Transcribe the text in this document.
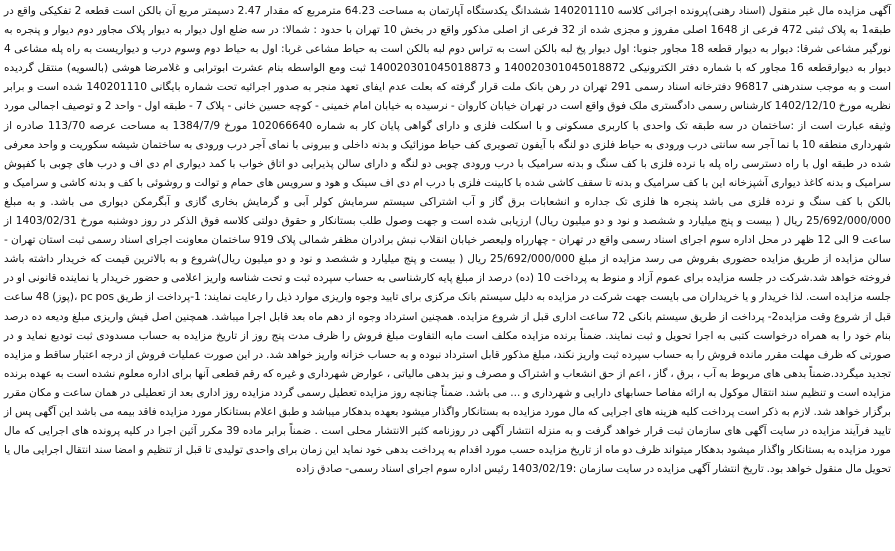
آگهی مزایده مال غیر منقول (اسناد رهنی)پرونده اجرائی کلاسه 140201110 ششدانگ یکدستگاه آپارتمان به مساحت 64.23 مترمربع که مقدار 2.47 دسیمتر مربع آن بالکن است قطعه 2 تفکیکی واقع در طبقه1 به پلاک ثبتی 472 فرعی از 1648 اصلی مفروز و مجزی شده از 32 فرعی از اصلی مذکور واقع در بخش 10 تهران با حدود : شمالا: در سه ضلع اول دیوار به دیوار پلاک مجاور دوم دیوار و پنجره به نورگیر مشاعی شرقا: دیوار به دیوار قطعه 18 مجاور جنوبا: اول دیوار پخ لبه بالکن است به تراس دوم لبه بالکن است به حیاط مشاعی غربا: اول به حیاط دوم وسوم درب و دیواریست به راه پله مشاعی 4 دیوار به دیوارقطعه 16 مجاور که با شماره دفتر الکترونیکی 140020301045018872 و 140020301045018873 ثبت ومع الواسطه بنام عشرت ابوترابی و غلامرضا هوشی (بالسویه) منتقل گردیده است و به موجب سندرهنی 96817 دفترخانه اسناد رسمی 291 تهران در رهن بانک ملت قرار گرفته که بعلت عدم ایفای تعهد منجر به صدور اجرائیه تحت شماره بایگانی 140201110 شده است و برابر نظریه مورخ 1402/12/10 کارشناس رسمی دادگستری ملک فوق واقع است در تهران خیابان کاروان - نرسیده به خیابان امام خمینی - کوچه حسین خانی - پلاک 7 - طبقه اول - واحد 2 و توصیف اجمالی مورد وثیقه عبارت است از :ساختمان در سه طبقه تک واحدی با کاربری مسکونی و با اسکلت فلزی و دارای گواهی پایان کار به شماره 102066640 مورخ 1384/7/9 به مساحت عرصه 113/70 صادره از شهرداری منطقه 10 با نما آجر سه سانتی درب ورودی به حیاط فلزی دو لنگه با آیفون تصویری کف حیاط موزائیک و بدنه داخلی و بیرونی با نمای آجر درب ورودی به ساختمان شیشه سکوریت و واحد معرفی شده در طبقه اول با راه دسترسی راه پله با نرده فلزی با کف سنگ و بدنه سرامیک با درب ورودی چوبی دو لنگه و دارای سالن پذیرایی دو اتاق خواب با کمد دیواری ام دی اف و درب های چوبی با کفپوش سرامیک و بدنه کاغذ دیواری آشپزخانه این با کف سرامیک و بدنه تا سقف کاشی شده با کابینت فلزی با درب ام دی اف سینک و هود و سرویس های حمام و توالت و روشوئی با کف و بدنه کاشی و سرامیک و بالکن با کف سنگ و نرده فلزی می باشد پنجره ها فلزی تک جداره و انشعابات برق گاز و آب اشتراکی سیستم سرمایش کولر آبی و گرمایش بخاری گازی و آبگرمکن دیواری می باشد. و به مبلغ 25/692/000/000 ریال ( بیست و پنج میلیارد و ششصد و نود و دو میلیون ریال) ارزیابی شده است و جهت وصول طلب بستانکار و حقوق دولتی کلاسه فوق الذکر در روز دوشنبه مورخ 1403/02/31 از ساعت 9 الی 12 ظهر در محل اداره سوم اجرای اسناد رسمی واقع در تهران - چهارراه ولیعصر خیابان انقلاب نبش برادران مظفر شمالی پلاک 919 ساختمان معاونت اجرای اسناد رسمی ثبت استان تهران - سالن مزایده از طریق مزایده حضوری بفروش می رسد مزایده از مبلغ 25/692/000/000 ریال ( بیست و پنج میلیارد و ششصد و نود و دو میلیون ریال)شروع و به بالاترین قیمت که خریدار داشته باشد فروخته خواهد شد.شرکت در جلسه مزایده برای عموم آزاد و منوط به پرداخت 10 (ده) درصد از مبلغ پایه کارشناسی به حساب سپرده ثبت و تحت شناسه واریز اعلامی و حضور خریدار یا نماینده قانونی او در جلسه مزایده است. لذا خریدار و یا خریداران می بایست جهت شرکت در مزایده به دلیل سیستم بانک مرکزی برای تایید وجوه واریزی موارد ذیل را رعایت نمایند: 1-پرداخت از طریق pc pos ،(پوز) 48 ساعت قبل از شروع وقت مزایده2- پرداخت از طریق سیستم بانکی 72 ساعت اداری قبل از شروع مزایده. همچنین استرداد وجوه از دهم ماه بعد قابل اجرا میباشد. همچنین اصل فیش واریزی مبلغ ودیعه ده درصد بنام خود را به همراه درخواست کتبی به اجرا تحویل و ثبت نمایند. ضمناً برنده مزایده مکلف است مابه التفاوت مبلغ فروش را ظرف مدت پنج روز از تاریخ مزایده به حساب مسدودی ثبت تودیع نماید و در صورتی که ظرف مهلت مقرر مانده فروش را به حساب سپرده ثبت واریز نکند، مبلغ مذکور قابل استرداد نبوده و به حساب خزانه واریز خواهد شد. در این صورت عملیات فروش از درجه اعتبار ساقط و مزایده تجدید میگردد.ضمناً بدهی های مربوط به آب ، برق ، گاز ، اعم از حق انشعاب و اشتراک و مصرف و نیز بدهی مالیاتی ، عوارض شهرداری و غیره که رقم قطعی آنها برای اداره معلوم نشده است به عهده برنده مزایده است و تنظیم سند انتقال موکول به ارائه مفاصا حسابهای دارایی و شهرداری و ... می باشد. ضمناً چنانچه روز مزایده تعطیل رسمی گردد مزایده روز اداری بعد از تعطیلی در همان ساعت و مکان مقرر برگزار خواهد شد. لازم به ذکر است پرداخت کلیه هزینه های اجرایی که مال مورد مزایده به بستانکار واگذار میشود بعهده بدهکار میباشد و طبق اعلام بستانکار مورد مزایده فاقد بیمه می باشد این آگهی پس از تایید فرآیند مزایده در سایت آگهی های سازمان ثبت قرار خواهد گرفت و به منزله انتشار آگهی در روزنامه کثیر الانتشار محلی است . ضمناً برابر ماده 39 مکرر آئین اجرا در کلیه پرونده های اجرایی که مال مورد مزایده به بستانکار واگذار میشود بدهکار میتواند ظرف دو ماه از تاریخ مزایده حسب مورد اقدام به پرداخت بدهی خود نماید این زمان برای واحدی تولیدی تا قبل از تنظیم و امضا سند انتقال اجرایی مال یا تحویل مال منقول خواهد بود. تاریخ انتشار آگهی مزایده در سایت سازمان :1403/02/19 رئیس اداره سوم اجرای اسناد رسمی- صادق زاده
